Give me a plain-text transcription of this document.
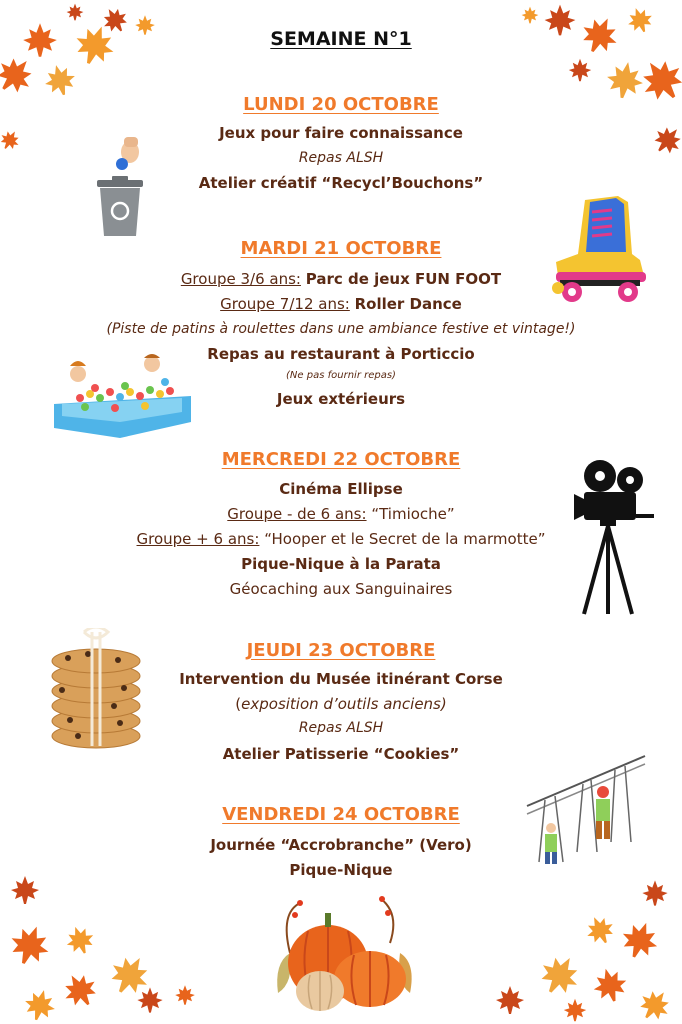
SEMAINE N°1
LUNDI 20 OCTOBRE
Jeux pour faire connaissance
Repas ALSH
Atelier créatif “Recycl’Bouchons”
MARDI 21 OCTOBRE
Groupe 3/6 ans: Parc de jeux FUN FOOT
Groupe 7/12 ans: Roller Dance
(Piste de patins à roulettes dans une ambiance festive et vintage!)
Repas au restaurant à Porticcio
(Ne pas fournir repas)
Jeux extérieurs
MERCREDI 22 OCTOBRE
Cinéma Ellipse
Groupe - de 6 ans: “Timioche”
Groupe + 6 ans: “Hooper et le Secret de la marmotte”
Pique-Nique à la Parata
Géocaching aux Sanguinaires
JEUDI 23 OCTOBRE
Intervention du Musée itinérant Corse
(exposition d’outils anciens)
Repas ALSH
Atelier Patisserie “Cookies”
VENDREDI 24 OCTOBRE
Journée “Accrobranche” (Vero)
Pique-Nique
